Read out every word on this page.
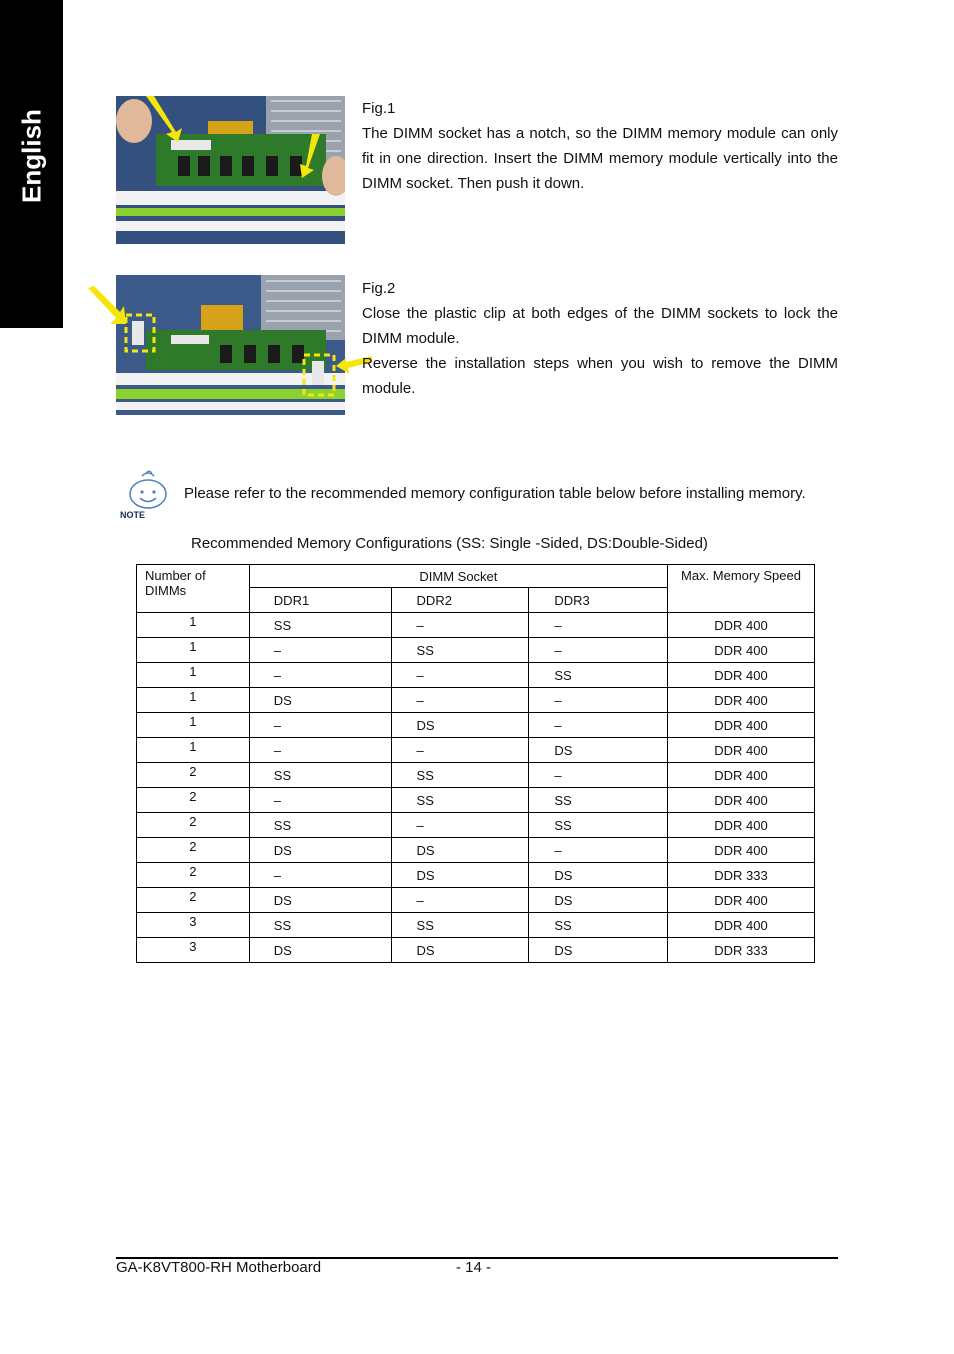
English

Fig.1

The DIMM socket has a notch, so the DIMM memory module can only fit in one direction. Insert the DIMM memory module vertically into the DIMM socket. Then push it down.

Fig.2

Close the plastic clip at both edges of the DIMM sockets to lock the DIMM module.

Reverse the installation steps when you wish to remove the DIMM module.

NOTE
Please refer to the recommended memory configuration table below before installing memory.
Recommended Memory Configurations (SS: Single -Sided, DS:Double-Sided)
Number of DIMMs	DIMM Socket			Max. Memory Speed
	DDR1	DDR2	DDR3	
1	SS	–	–	DDR 400
1	–	SS	–	DDR 400
1	–	–	SS	DDR 400
1	DS	–	–	DDR 400
1	–	DS	–	DDR 400
1	–	–	DS	DDR 400
2	SS	SS	–	DDR 400
2	–	SS	SS	DDR 400
2	SS	–	SS	DDR 400
2	DS	DS	–	DDR 400
2	–	DS	DS	DDR 333
2	DS	–	DS	DDR 400
3	SS	SS	SS	DDR 400
3	DS	DS	DS	DDR 333
GA-K8VT800-RH Motherboard	- 14 -
